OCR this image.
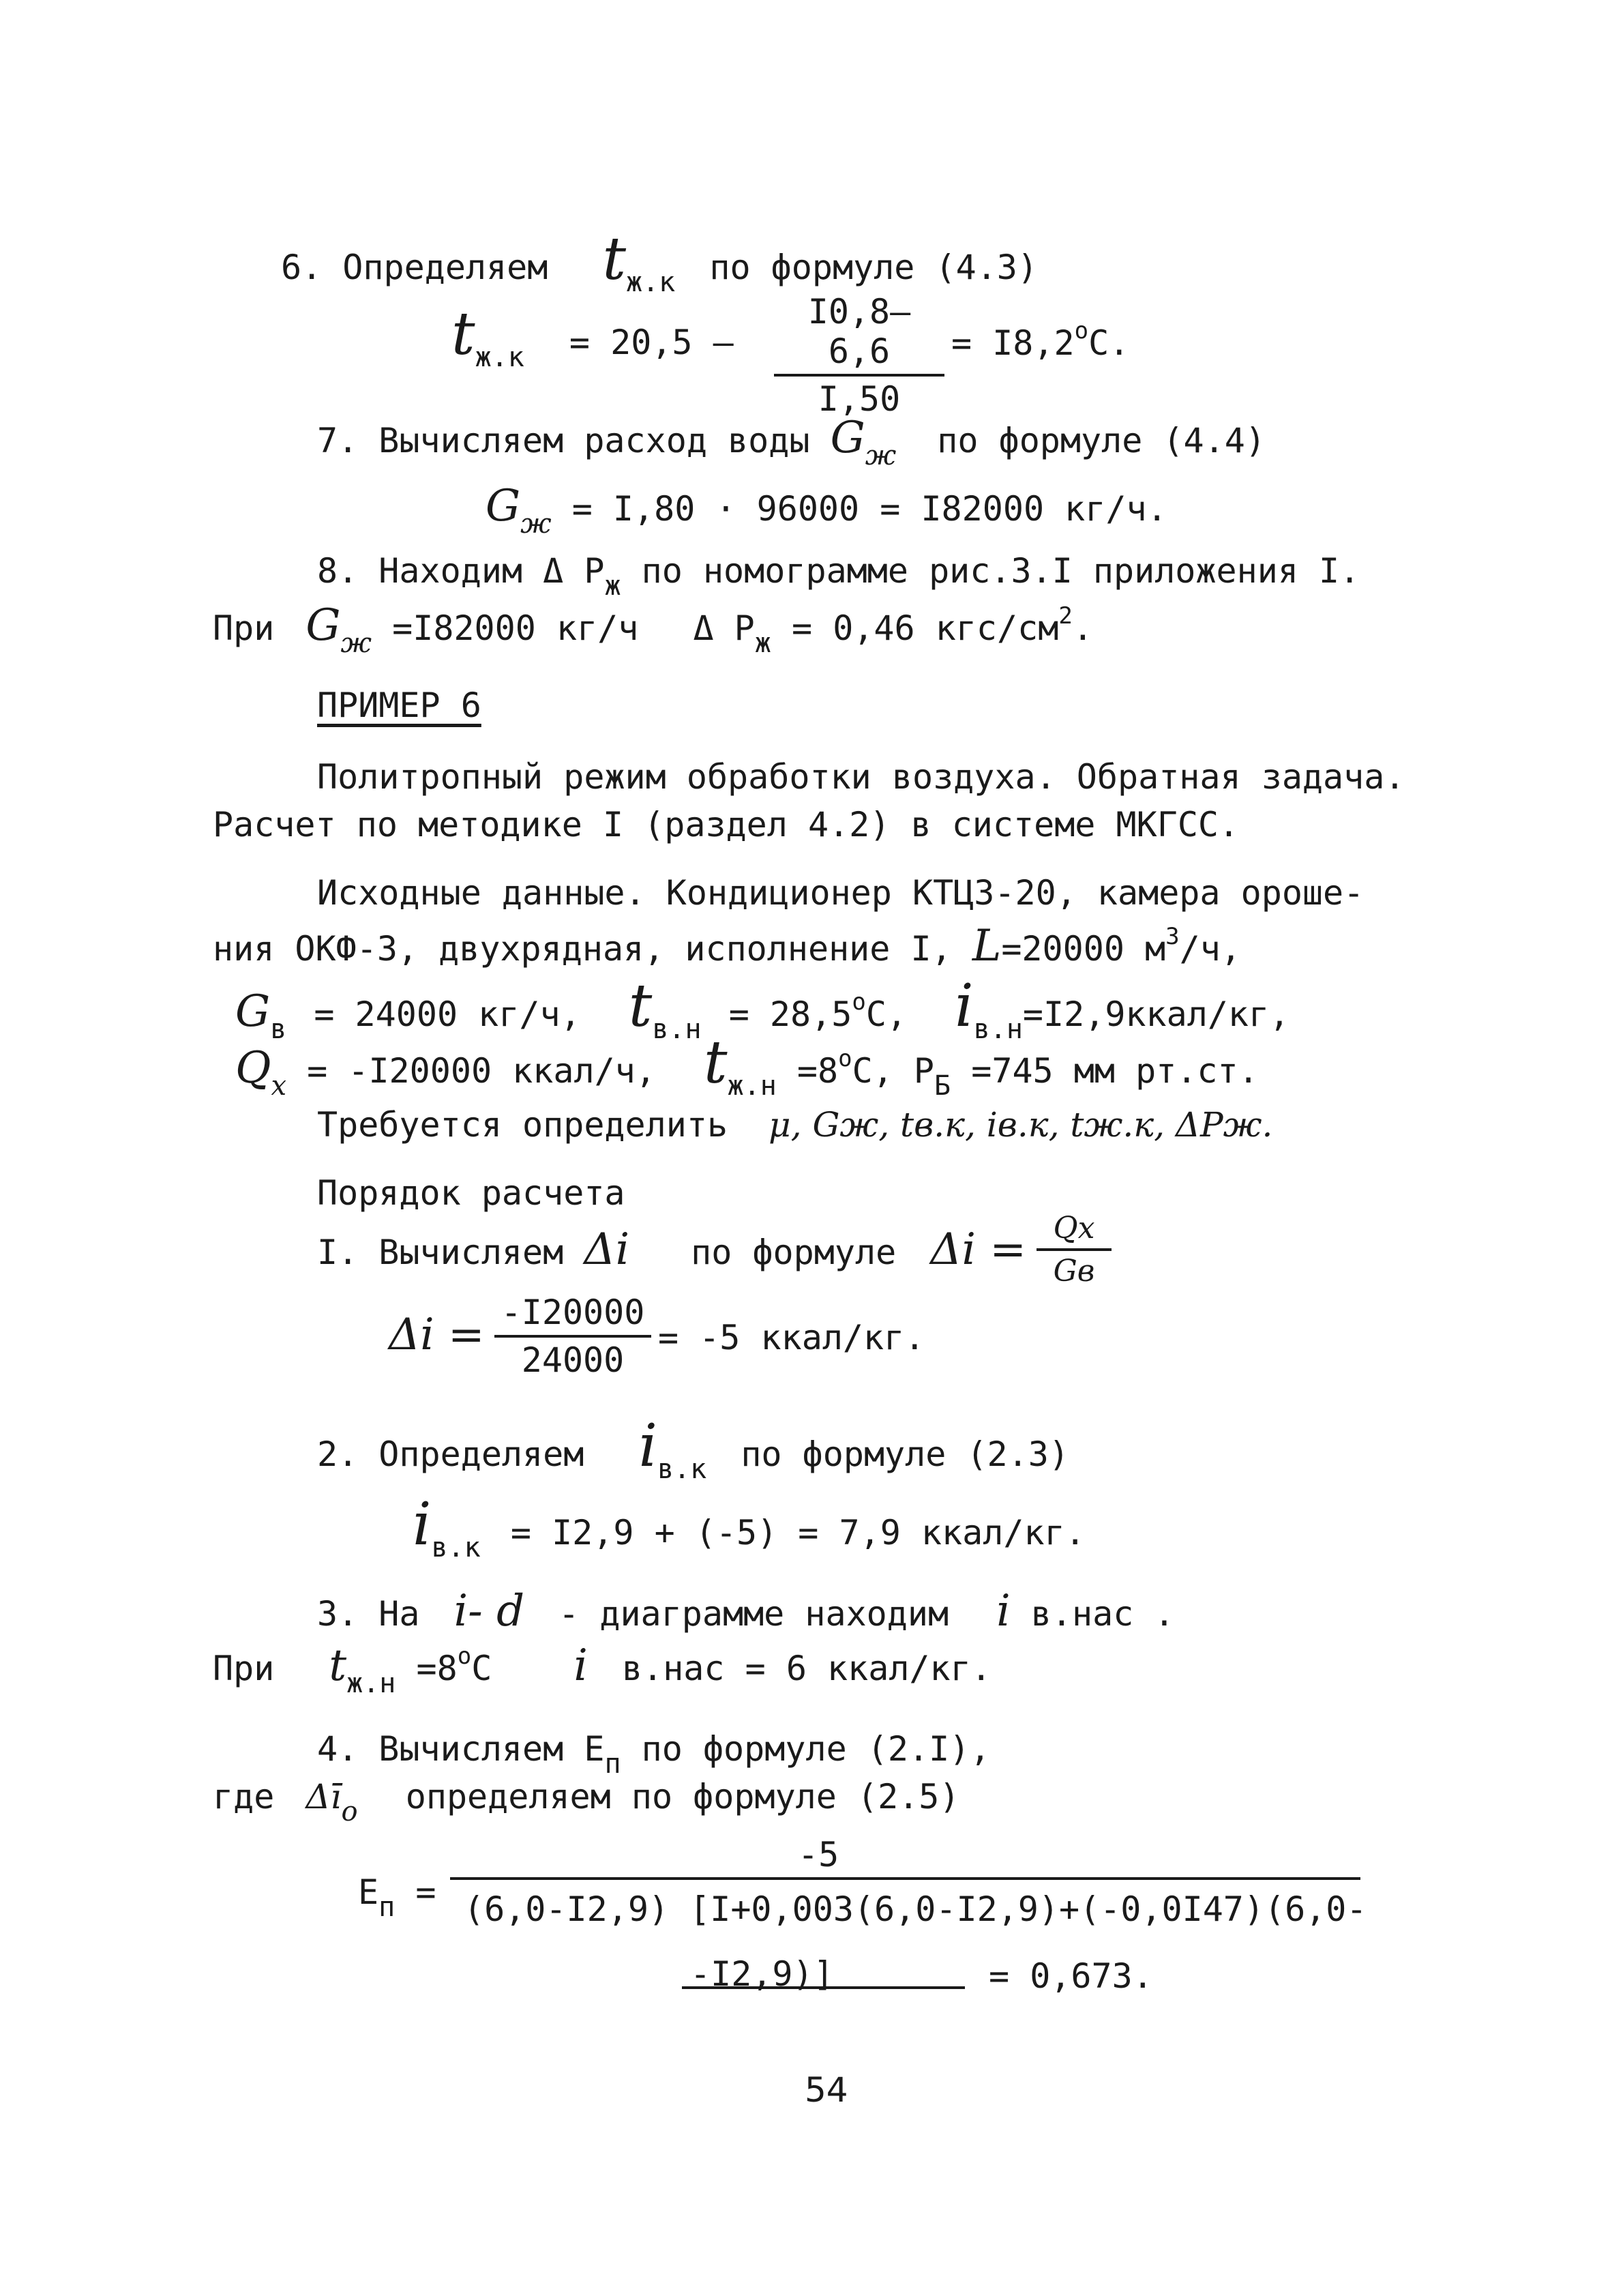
6. Определяем $t_{ж.к}$ по формуле (4.3)
$t_{ж.к} = 20,5 - \frac{I0,8-6,6}{I,50} = I8,2^оС$.
7. Вычисляем расход воды $G_ж$ по формуле (4.4)
$G_ж = I,80 \cdot 96000 = I82000$ кг/ч.
8. Находим Δ $Р_ж$ по номограмме рис.3.I приложения I.
При $G_ж =I82000$ кг/ч Δ $Р_ж = 0,46$ кгс/$см^2$.
ПРИМЕР 6
Политропный режим обработки воздуха. Обратная задача.
Расчет по методике I (раздел 4.2) в системе МКГСС.
Исходные данные. Кондиционер КТЦ3-20, камера ороше-
ния ОКФ-3, двухрядная, исполнение I, L=20000 $м^3/ч$,
$G_в = 24000$ кг/ч, $t_{в.н} = 28,5^оС$, $i_{в.н}=I2,9ккал/кг$,
$Q_х = -I20000$ ккал/ч, $t_{ж.н} =8^оС$, $Р_Б =745$ мм рт.ст.
Требуется определить μ, Gж, tв.к, iв.к, tж.к, ΔРж.
Порядок расчета
I. Вычисляем Δi по формуле Δi = Qх
Gв
$\Delta i = \frac{-I20000}{24000} = -5$ ккал/кг.
2. Определяем $i_{в.к}$ по формуле (2.3)
$i_{в.к} = I2,9 + (-5) = 7,9$ ккал/кг.
3. На i- d - диаграмме находим i в.нас .
При $t_{ж.н} =8^оС$ i в.нас = 6 ккал/кг.
4. Вычисляем $Е_п$ по формуле (2.I),
где $\Delta ī_о$ определяем по формуле (2.5)
$Е_п$ =
-5
(6,0-I2,9) [I+0,003(6,0-I2,9)+(-0,0I47)(6,0-
-I2,9)]	= 0,673.
54
